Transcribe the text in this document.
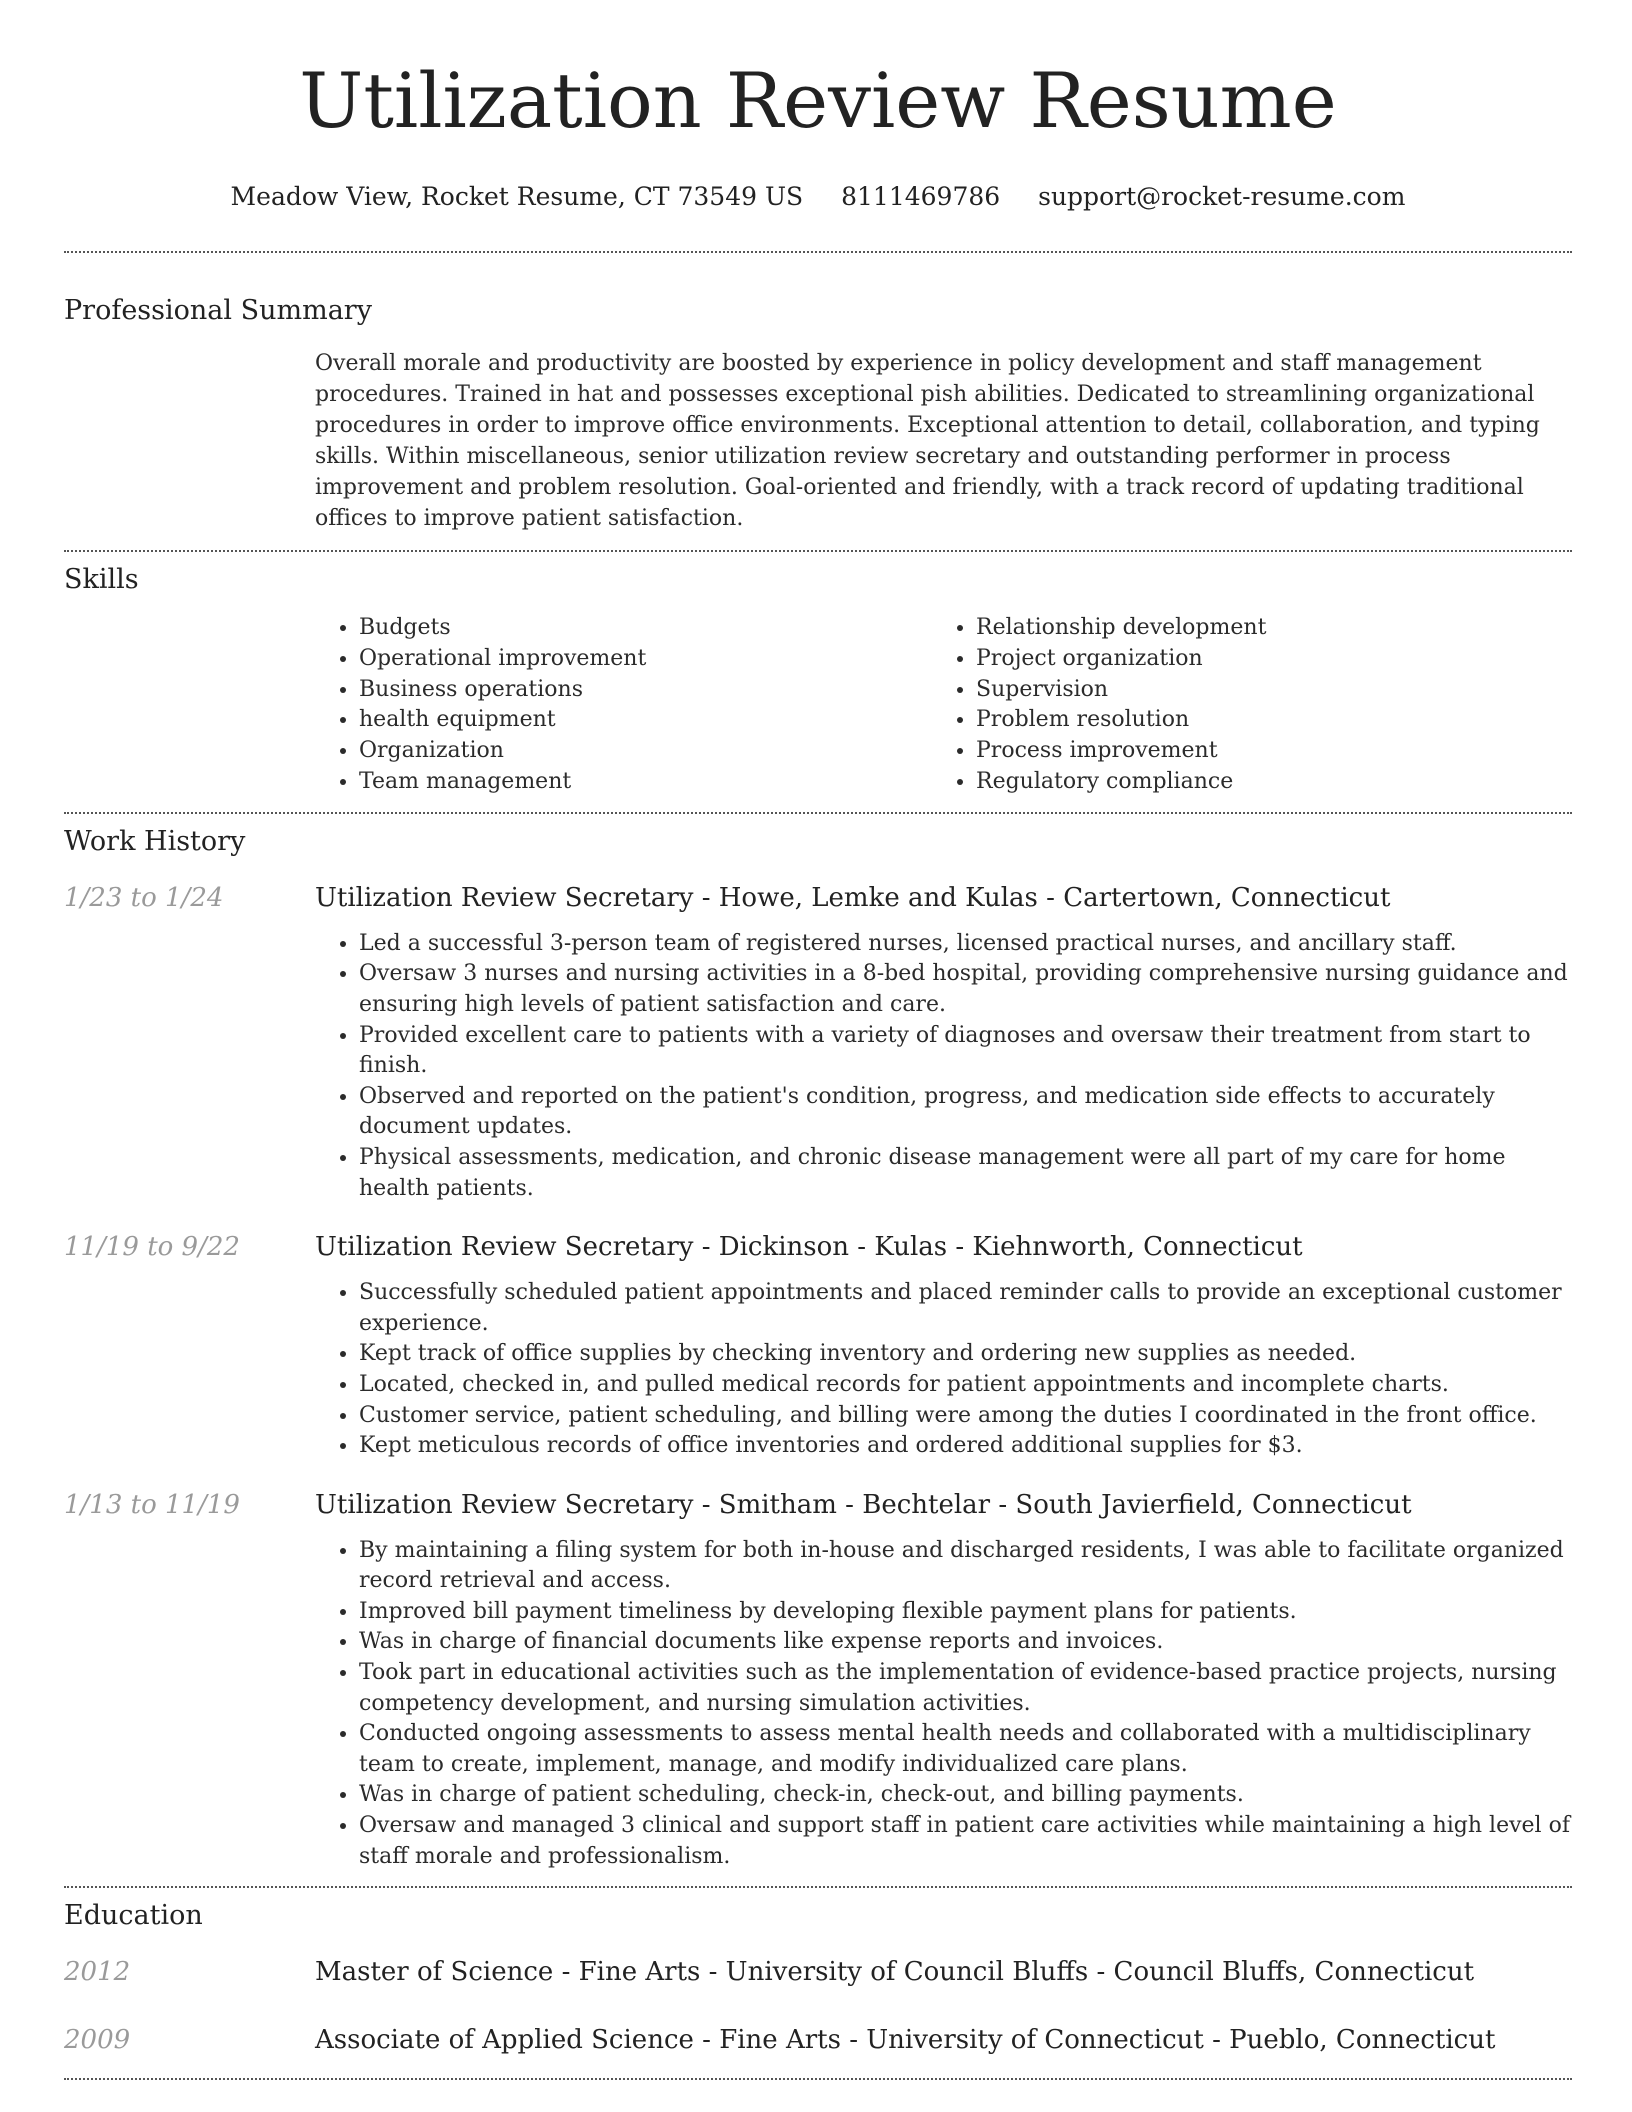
Utilization Review Resume
Meadow View, Rocket Resume, CT 73549 US 8111469786 support@rocket-resume.com
Professional Summary
Overall morale and productivity are boosted by experience in policy development and staff management procedures. Trained in hat and possesses exceptional pish abilities. Dedicated to streamlining organizational procedures in order to improve office environments. Exceptional attention to detail, collaboration, and typing skills. Within miscellaneous, senior utilization review secretary and outstanding performer in process improvement and problem resolution. Goal-oriented and friendly, with a track record of updating traditional offices to improve patient satisfaction.
Skills
• Budgets
• Operational improvement
• Business operations
• health equipment
• Organization
• Team management
• Relationship development
• Project organization
• Supervision
• Problem resolution
• Process improvement
• Regulatory compliance
Work History
1/23 to 1/24	Utilization Review Secretary - Howe, Lemke and Kulas - Cartertown, Connecticut
• Led a successful 3-person team of registered nurses, licensed practical nurses, and ancillary staff.
• Oversaw 3 nurses and nursing activities in a 8-bed hospital, providing comprehensive nursing guidance and ensuring high levels of patient satisfaction and care.
• Provided excellent care to patients with a variety of diagnoses and oversaw their treatment from start to finish.
• Observed and reported on the patient's condition, progress, and medication side effects to accurately document updates.
• Physical assessments, medication, and chronic disease management were all part of my care for home health patients.
11/19 to 9/22	Utilization Review Secretary - Dickinson - Kulas - Kiehnworth, Connecticut
• Successfully scheduled patient appointments and placed reminder calls to provide an exceptional customer experience.
• Kept track of office supplies by checking inventory and ordering new supplies as needed.
• Located, checked in, and pulled medical records for patient appointments and incomplete charts.
• Customer service, patient scheduling, and billing were among the duties I coordinated in the front office.
• Kept meticulous records of office inventories and ordered additional supplies for $3.
1/13 to 11/19	Utilization Review Secretary - Smitham - Bechtelar - South Javierfield, Connecticut
• By maintaining a filing system for both in-house and discharged residents, I was able to facilitate organized record retrieval and access.
• Improved bill payment timeliness by developing flexible payment plans for patients.
• Was in charge of financial documents like expense reports and invoices.
• Took part in educational activities such as the implementation of evidence-based practice projects, nursing competency development, and nursing simulation activities.
• Conducted ongoing assessments to assess mental health needs and collaborated with a multidisciplinary team to create, implement, manage, and modify individualized care plans.
• Was in charge of patient scheduling, check-in, check-out, and billing payments.
• Oversaw and managed 3 clinical and support staff in patient care activities while maintaining a high level of staff morale and professionalism.
Education
2012	Master of Science - Fine Arts - University of Council Bluffs - Council Bluffs, Connecticut
2009	Associate of Applied Science - Fine Arts - University of Connecticut - Pueblo, Connecticut
